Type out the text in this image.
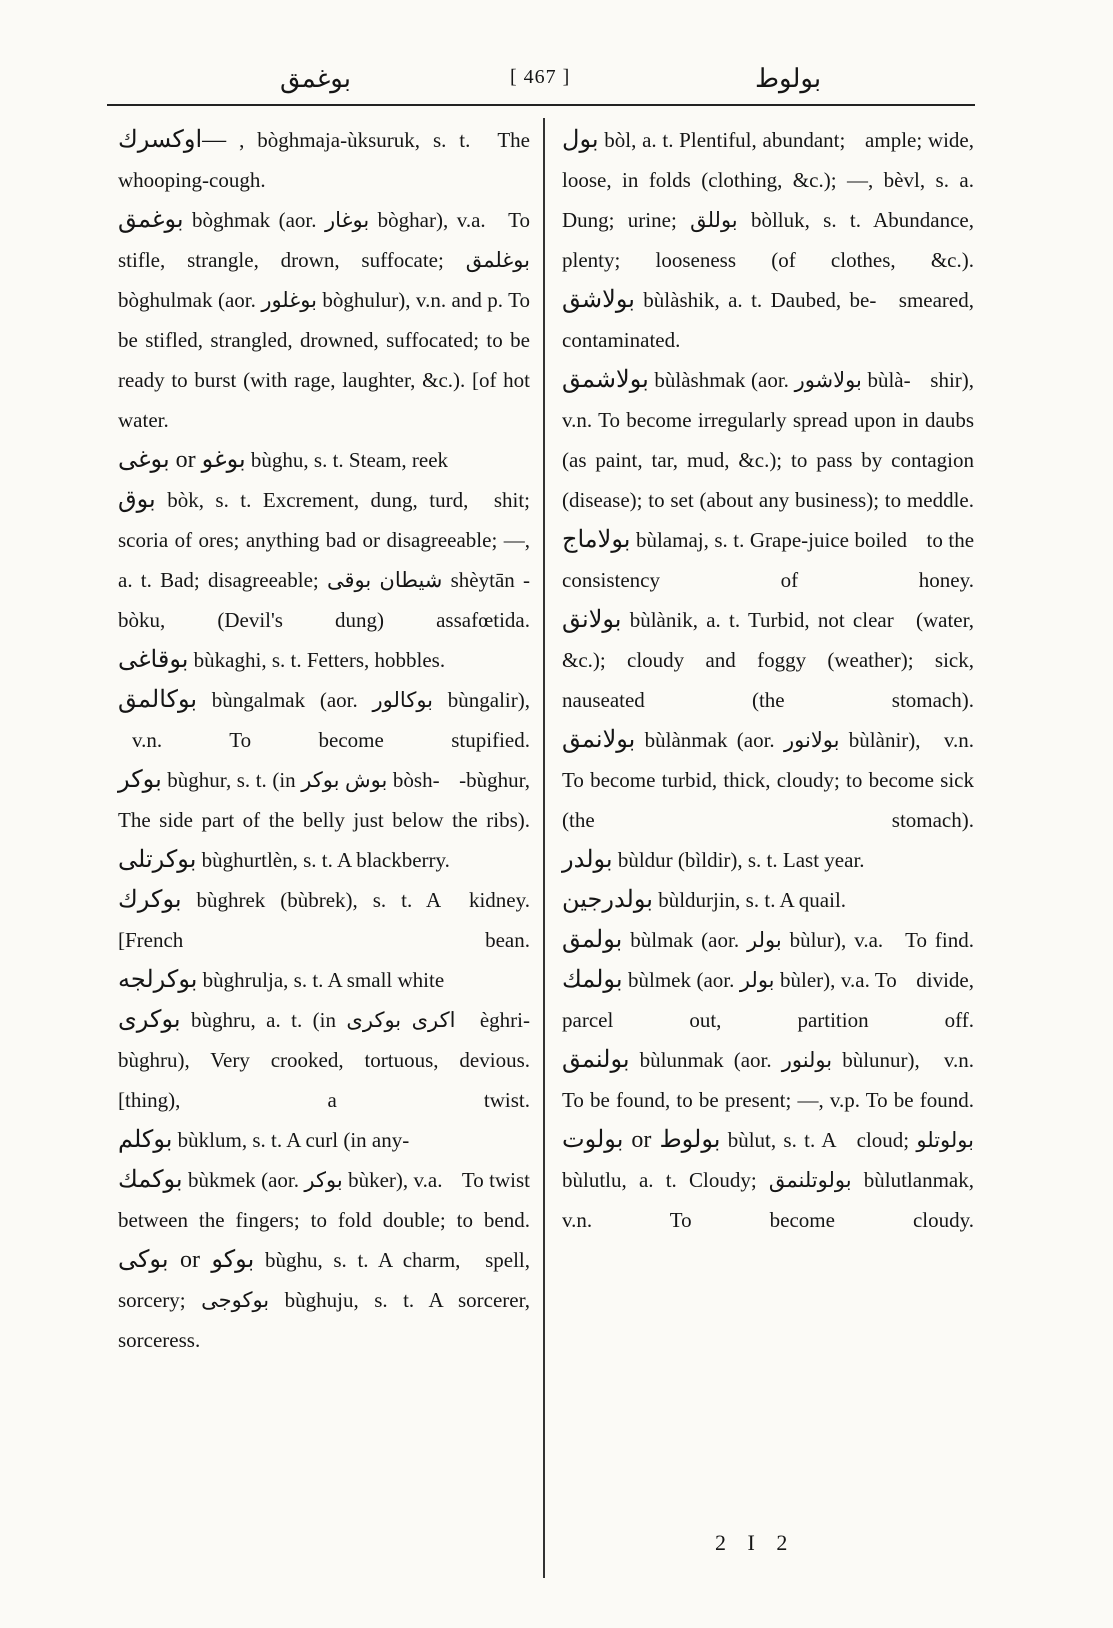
بوغمق	[ 467 ]	بولوط

—اوکسرك , bòghmaja-ùksuruk, s. t. The whooping-cough.

بوغمق bòghmak (aor. بوغار bòghar), v.a. To stifle, strangle, drown, suffocate; بوغلمق bòghulmak (aor. بوغلور bòghulur), v.n. and p. To be stifled, strangled, drowned, suffocated; to be ready to burst (with rage, laughter, &c.). [of hot water.

بوغو or بوغی bùghu, s. t. Steam, reek

بوق bòk, s. t. Excrement, dung, turd, shit; scoria of ores; anything bad or disagreeable; —, a. t. Bad; disagreeable; شیطان بوقی shèytān - bòku, (Devil's dung) assafœtida.

بوقاغی bùkaghi, s. t. Fetters, hobbles.

بوکالمق bùngalmak (aor. بوکالور bùngalir), v.n. To become stupified.

بوکر bùghur, s. t. (in بوش بوکر bòsh- -bùghur, The side part of the belly just below the ribs).

بوکرتلی bùghurtlèn, s. t. A blackberry.

بوکرك bùghrek (bùbrek), s. t. A kidney. [French bean.

بوکرلجه bùghrulja, s. t. A small white

بوکری bùghru, a. t. (in اکری بوکری èghri-bùghru), Very crooked, tortuous, devious. [thing), a twist.

بوکلم bùklum, s. t. A curl (in any-

بوکمك bùkmek (aor. بوکر bùker), v.a. To twist between the fingers; to fold double; to bend.

بوکو or بوکی bùghu, s. t. A charm, spell, sorcery; بوکوجی bùghuju, s. t. A sorcerer, sorceress.

بول bòl, a. t. Plentiful, abundant; ample; wide, loose, in folds (clothing, &c.); —, bèvl, s. a. Dung; urine; بوللق bòlluk, s. t. Abundance, plenty; looseness (of clothes, &c.).

بولاشق bùlàshik, a. t. Daubed, be- smeared, contaminated.

بولاشمق bùlàshmak (aor. بولاشور bùlà- shir), v.n. To become irregularly spread upon in daubs (as paint, tar, mud, &c.); to pass by contagion (disease); to set (about any business); to meddle.

بولاماج bùlamaj, s. t. Grape-juice boiled to the consistency of honey.

بولانق bùlànik, a. t. Turbid, not clear (water, &c.); cloudy and foggy (weather); sick, nauseated (the stomach).

بولانمق bùlànmak (aor. بولانور bùlànir), v.n. To become turbid, thick, cloudy; to become sick (the stomach).

بولدر bùldur (bìldir), s. t. Last year.

بولدرجین bùldurjin, s. t. A quail.

بولمق bùlmak (aor. بولر bùlur), v.a. To find.

بولمك bùlmek (aor. بولر bùler), v.a. To divide, parcel out, partition off.

بولنمق bùlunmak (aor. بولنور bùlunur), v.n. To be found, to be present; —, v.p. To be found.

بولوط or بولوت bùlut, s. t. A cloud; بولوتلو bùlutlu, a. t. Cloudy; بولوتلنمق bùlutlanmak, v.n. To become cloudy.

2 I 2
